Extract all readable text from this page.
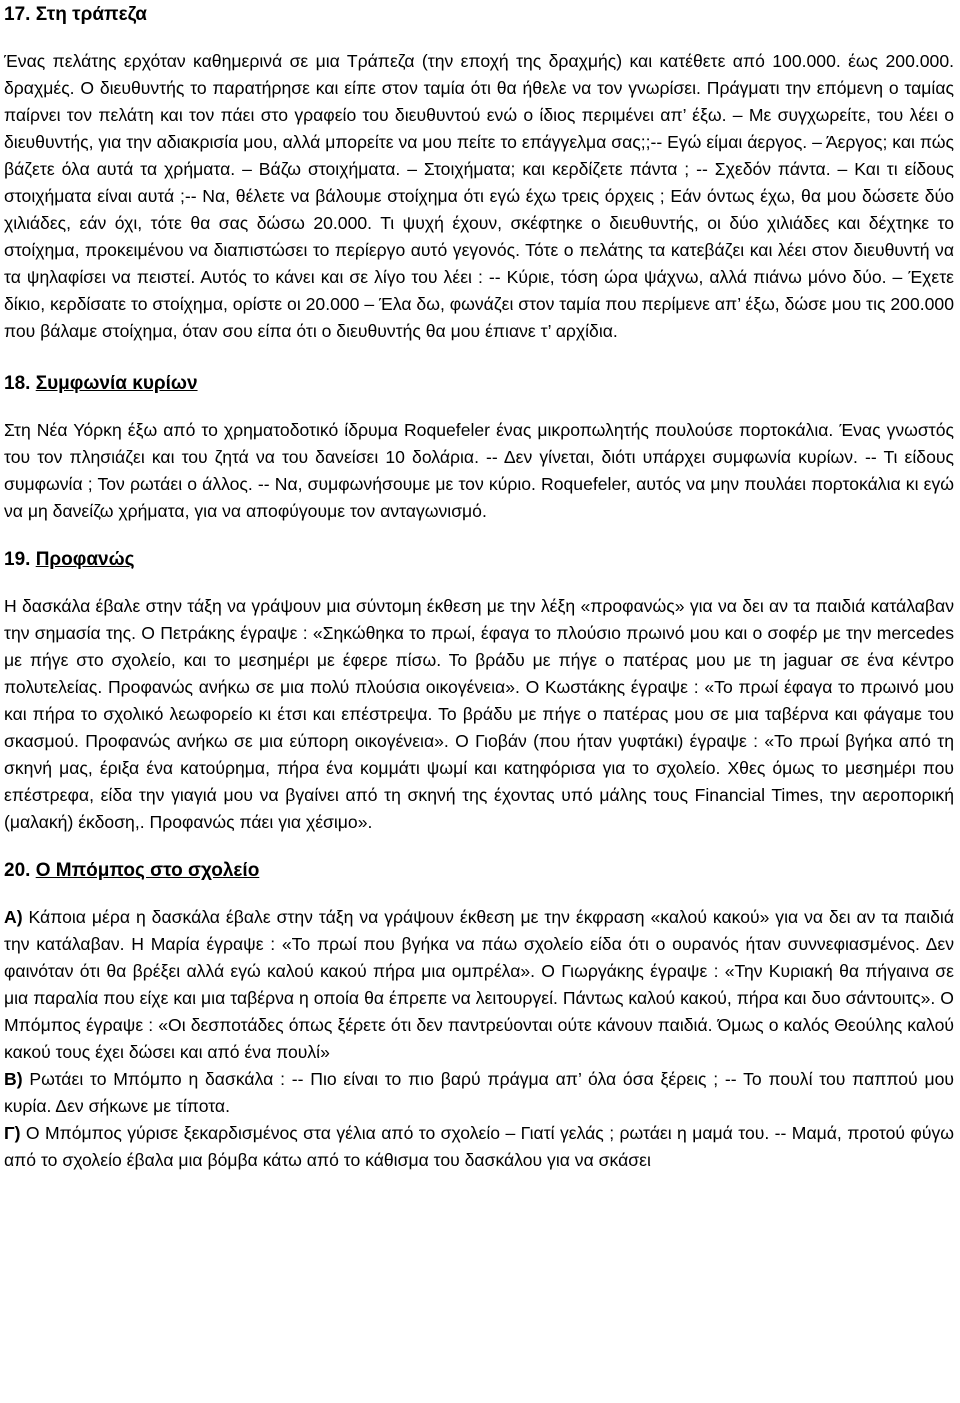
17. Στη τράπεζα

Ένας πελάτης ερχόταν καθημερινά σε μια Τράπεζα (την εποχή της δραχμής) και κατέθετε από 100.000. έως 200.000. δραχμές. Ο διευθυντής το παρατήρησε και είπε στον ταμία ότι θα ήθελε να τον γνωρίσει. Πράγματι την επόμενη ο ταμίας παίρνει τον πελάτη και τον πάει στο γραφείο του διευθυντού ενώ ο ίδιος περιμένει απ’ έξω. – Με συγχωρείτε, του λέει ο διευθυντής, για την αδιακρισία μου, αλλά μπορείτε να μου πείτε το επάγγελμα σας;;-- Εγώ είμαι άεργος. – Άεργος; και πώς βάζετε όλα αυτά τα χρήματα. – Βάζω στοιχήματα. – Στοιχήματα; και κερδίζετε πάντα ; -- Σχεδόν πάντα. – Και τι είδους στοιχήματα είναι αυτά ;-- Να, θέλετε να βάλουμε στοίχημα ότι εγώ έχω τρεις όρχεις ; Εάν όντως έχω, θα μου δώσετε δύο χιλιάδες, εάν όχι, τότε θα σας δώσω 20.000. Τι ψυχή έχουν, σκέφτηκε ο διευθυντής, οι δύο χιλιάδες και δέχτηκε το στοίχημα, προκειμένου να διαπιστώσει το περίεργο αυτό γεγονός. Τότε ο πελάτης τα κατεβάζει και λέει στον διευθυντή να τα ψηλαφίσει να πειστεί. Αυτός το κάνει και σε λίγο του λέει : -- Κύριε, τόση ώρα ψάχνω, αλλά πιάνω μόνο δύο. – Έχετε δίκιο, κερδίσατε το στοίχημα, ορίστε οι 20.000 – Έλα δω, φωνάζει στον ταμία που περίμενε απ’ έξω, δώσε μου τις 200.000 που βάλαμε στοίχημα, όταν σου είπα ότι ο διευθυντής θα μου έπιανε τ’ αρχίδια.

18. Συμφωνία κυρίων

Στη Νέα Υόρκη έξω από το χρηματοδοτικό ίδρυμα Roquefeler ένας μικροπωλητής πουλούσε πορτοκάλια. Ένας γνωστός του τον πλησιάζει και του ζητά να του δανείσει 10 δολάρια. -- Δεν γίνεται, διότι υπάρχει συμφωνία κυρίων. -- Τι είδους συμφωνία ; Τον ρωτάει ο άλλος. -- Να, συμφωνήσουμε με τον κύριο. Roquefeler, αυτός να μην πουλάει πορτοκάλια κι εγώ να μη δανείζω χρήματα, για να αποφύγουμε τον ανταγωνισμό.

19. Προφανώς

Η δασκάλα έβαλε στην τάξη να γράψουν μια σύντομη έκθεση με την λέξη «προφανώς» για να δει αν τα παιδιά κατάλαβαν την σημασία της. Ο Πετράκης έγραψε : «Σηκώθηκα το πρωί, έφαγα το πλούσιο πρωινό μου και ο σοφέρ με την mercedes με πήγε στο σχολείο, και το μεσημέρι με έφερε πίσω. Το βράδυ με πήγε ο πατέρας μου με τη jaguar σε ένα κέντρο πολυτελείας. Προφανώς ανήκω σε μια πολύ πλούσια οικογένεια». Ο Κωστάκης έγραψε : «Το πρωί έφαγα το πρωινό μου και πήρα το σχολικό λεωφορείο κι έτσι και επέστρεψα. Το βράδυ με πήγε ο πατέρας μου σε μια ταβέρνα και φάγαμε του σκασμού. Προφανώς ανήκω σε μια εύπορη οικογένεια». Ο Γιοβάν (που ήταν γυφτάκι) έγραψε : «Το πρωί βγήκα από τη σκηνή μας, έριξα ένα κατούρημα, πήρα ένα κομμάτι ψωμί και κατηφόρισα για το σχολείο. Χθες όμως το μεσημέρι που επέστρεφα, είδα την γιαγιά μου να βγαίνει από τη σκηνή της έχοντας υπό μάλης τους Financial Times, την αεροπορική (μαλακή) έκδοση,. Προφανώς πάει για χέσιμο».

20. Ο Μπόμπος στο σχολείο

Α) Κάποια μέρα η δασκάλα έβαλε στην τάξη να γράψουν έκθεση με την έκφραση «καλού κακού» για να δει αν τα παιδιά την κατάλαβαν. Η Μαρία έγραψε : «Το πρωί που βγήκα να πάω σχολείο είδα ότι ο ουρανός ήταν συννεφιασμένος. Δεν φαινόταν ότι θα βρέξει αλλά εγώ καλού κακού πήρα μια ομπρέλα». Ο Γιωργάκης έγραψε : «Την Κυριακή θα πήγαινα σε μια παραλία που είχε και μια ταβέρνα η οποία θα έπρεπε να λειτουργεί. Πάντως καλού κακού, πήρα και δυο σάντουιτς». Ο Μπόμπος έγραψε : «Οι δεσποτάδες όπως ξέρετε ότι δεν παντρεύονται ούτε κάνουν παιδιά. Όμως ο καλός Θεούλης καλού κακού τους έχει δώσει και από ένα πουλί»

Β) Ρωτάει το Μπόμπο η δασκάλα : -- Πιο είναι το πιο βαρύ πράγμα απ’ όλα όσα ξέρεις ; -- Το πουλί του παππού μου κυρία. Δεν σήκωνε με τίποτα.

Γ) Ο Μπόμπος γύρισε ξεκαρδισμένος στα γέλια από το σχολείο – Γιατί γελάς ; ρωτάει η μαμά του. -- Μαμά, προτού φύγω από το σχολείο έβαλα μια βόμβα κάτω από το κάθισμα του δασκάλου για να σκάσει
